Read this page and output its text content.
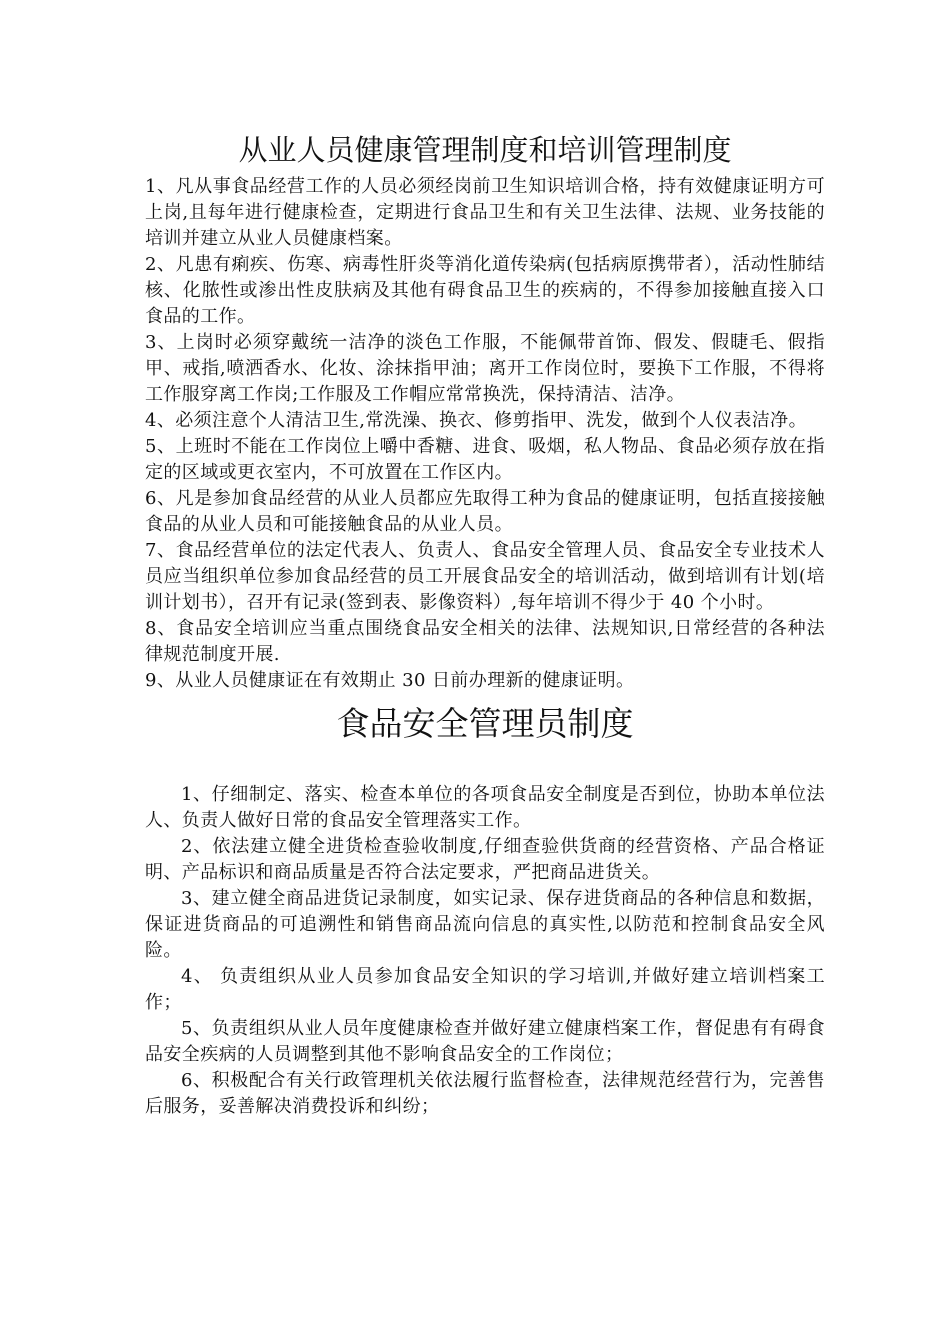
从业人员健康管理制度和培训管理制度

1、凡从事食品经营工作的人员必须经岗前卫生知识培训合格，持有效健康证明方可上岗,且每年进行健康检查，定期进行食品卫生和有关卫生法律、法规、业务技能的培训并建立从业人员健康档案。

2、凡患有痢疾、伤寒、病毒性肝炎等消化道传染病(包括病原携带者），活动性肺结核、化脓性或渗出性皮肤病及其他有碍食品卫生的疾病的，不得参加接触直接入口食品的工作。

3、上岗时必须穿戴统一洁净的淡色工作服，不能佩带首饰、假发、假睫毛、假指甲、戒指,喷洒香水、化妆、涂抹指甲油；离开工作岗位时，要换下工作服，不得将工作服穿离工作岗;工作服及工作帽应常常换洗，保持清洁、洁净。

4、必须注意个人清洁卫生,常洗澡、换衣、修剪指甲、洗发，做到个人仪表洁净。

5、上班时不能在工作岗位上嚼中香糖、进食、吸烟，私人物品、食品必须存放在指定的区域或更衣室内，不可放置在工作区内。

6、凡是参加食品经营的从业人员都应先取得工种为食品的健康证明，包括直接接触食品的从业人员和可能接触食品的从业人员。

7、食品经营单位的法定代表人、负责人、食品安全管理人员、食品安全专业技术人员应当组织单位参加食品经营的员工开展食品安全的培训活动，做到培训有计划(培训计划书），召开有记录(签到表、影像资料）,每年培训不得少于 40 个小时。

8、食品安全培训应当重点围绕食品安全相关的法律、法规知识,日常经营的各种法律规范制度开展.

9、从业人员健康证在有效期止 30 日前办理新的健康证明。

食品安全管理员制度

1、仔细制定、落实、检查本单位的各项食品安全制度是否到位，协助本单位法人、负责人做好日常的食品安全管理落实工作。

2、依法建立健全进货检查验收制度,仔细查验供货商的经营资格、产品合格证明、产品标识和商品质量是否符合法定要求，严把商品进货关。

3、建立健全商品进货记录制度，如实记录、保存进货商品的各种信息和数据，保证进货商品的可追溯性和销售商品流向信息的真实性,以防范和控制食品安全风险。

4、 负责组织从业人员参加食品安全知识的学习培训,并做好建立培训档案工作；

5、负责组织从业人员年度健康检查并做好建立健康档案工作，督促患有有碍食品安全疾病的人员调整到其他不影响食品安全的工作岗位；

6、积极配合有关行政管理机关依法履行监督检查，法律规范经营行为，完善售后服务，妥善解决消费投诉和纠纷；
